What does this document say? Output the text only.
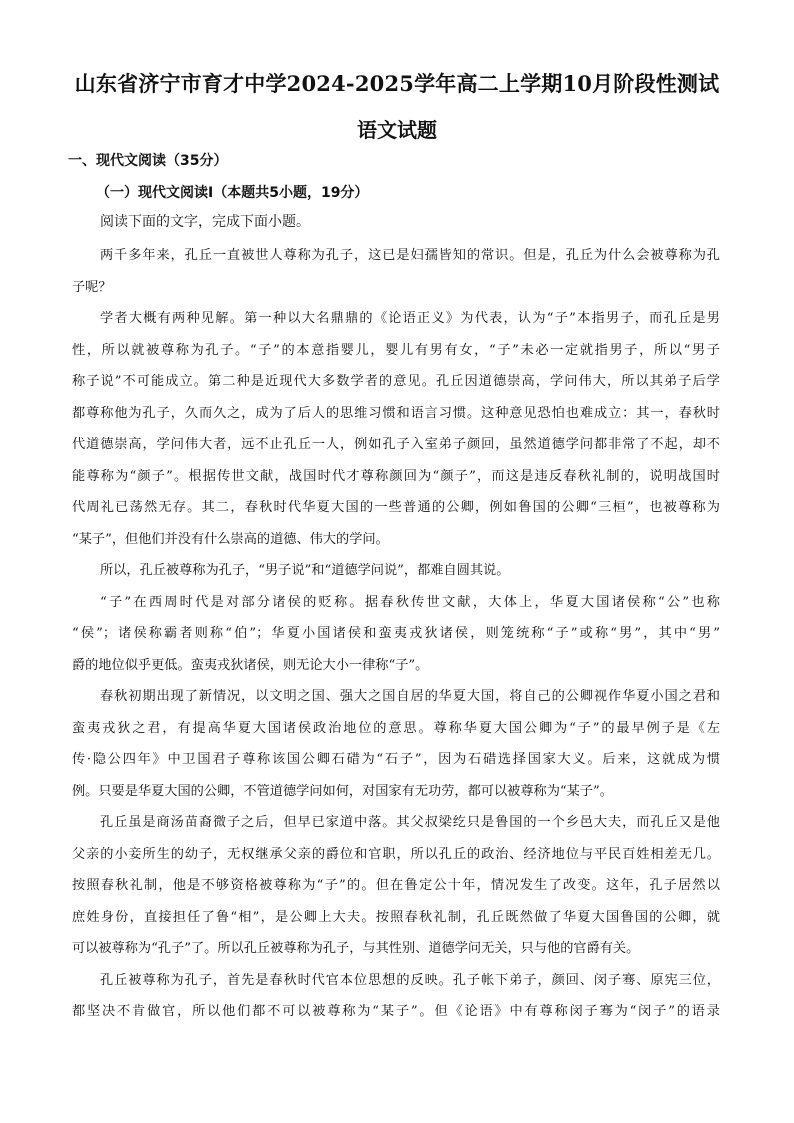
山东省济宁市育才中学2024-2025学年高二上学期10月阶段性测试
语文试题
一、现代文阅读（35分）
（一）现代文阅读Ⅰ（本题共5小题，19分）
阅读下面的文字，完成下面小题。
两千多年来，孔丘一直被世人尊称为孔子，这已是妇孺皆知的常识。但是，孔丘为什么会被尊称为孔
子呢？
学者大概有两种见解。第一种以大名鼎鼎的《论语正义》为代表，认为“子”本指男子，而孔丘是男
性，所以就被尊称为孔子。“子”的本意指婴儿，婴儿有男有女，“子”未必一定就指男子，所以“男子
称子说”不可能成立。第二种是近现代大多数学者的意见。孔丘因道德崇高，学问伟大，所以其弟子后学
都尊称他为孔子，久而久之，成为了后人的思维习惯和语言习惯。这种意见恐怕也难成立：其一，春秋时
代道德崇高，学问伟大者，远不止孔丘一人，例如孔子入室弟子颜回，虽然道德学问都非常了不起，却不
能尊称为“颜子”。根据传世文献，战国时代才尊称颜回为“颜子”，而这是违反春秋礼制的，说明战国时
代周礼已荡然无存。其二，春秋时代华夏大国的一些普通的公卿，例如鲁国的公卿“三桓”，也被尊称为
“某子”，但他们并没有什么崇高的道德、伟大的学问。
所以，孔丘被尊称为孔子，“男子说”和“道德学问说”，都难自圆其说。
“子”在西周时代是对部分诸侯的贬称。据春秋传世文献，大体上，华夏大国诸侯称“公”也称
“侯”；诸侯称霸者则称“伯”；华夏小国诸侯和蛮夷戎狄诸侯，则笼统称“子”或称“男”，其中“男”
爵的地位似乎更低。蛮夷戎狄诸侯，则无论大小一律称“子”。
春秋初期出现了新情况，以文明之国、强大之国自居的华夏大国，将自己的公卿视作华夏小国之君和
蛮夷戎狄之君，有提高华夏大国诸侯政治地位的意思。尊称华夏大国公卿为“子”的最早例子是《左
传·隐公四年》中卫国君子尊称该国公卿石碏为“石子”，因为石碏选择国家大义。后来，这就成为惯
例。只要是华夏大国的公卿，不管道德学问如何，对国家有无功劳，都可以被尊称为“某子”。
孔丘虽是商汤苗裔微子之后，但早已家道中落。其父叔梁纥只是鲁国的一个乡邑大夫，而孔丘又是他
父亲的小妾所生的幼子，无权继承父亲的爵位和官职，所以孔丘的政治、经济地位与平民百姓相差无几。
按照春秋礼制，他是不够资格被尊称为“子”的。但在鲁定公十年，情况发生了改变。这年，孔子居然以
庶姓身份，直接担任了鲁“相”，是公卿上大夫。按照春秋礼制，孔丘既然做了华夏大国鲁国的公卿，就
可以被尊称为“孔子”了。所以孔丘被尊称为孔子，与其性别、道德学问无关，只与他的官爵有关。
孔丘被尊称为孔子，首先是春秋时代官本位思想的反映。孔子帐下弟子，颜回、闵子骞、原宪三位，
都坚决不肯做官，所以他们都不可以被尊称为“某子”。但《论语》中有尊称闵子骞为“闵子”的语录
